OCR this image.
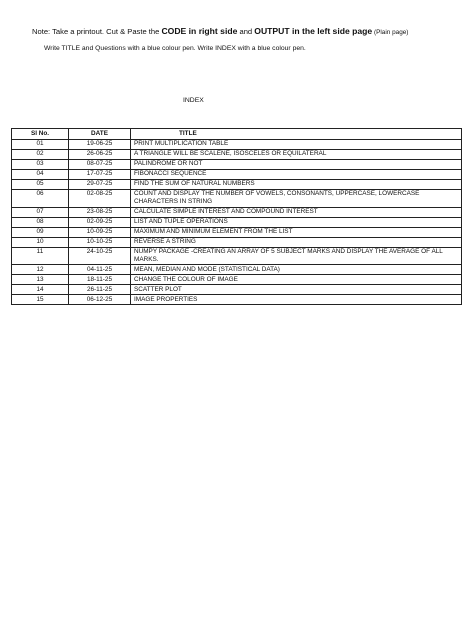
Note: Take a printout. Cut & Paste the CODE in right side and OUTPUT in the left side page (Plain page)
Write TITLE and Questions with a blue colour pen. Write INDEX with a blue colour pen.
INDEX
Sl No.	DATE	TITLE
01	19-06-25	PRINT MULTIPLICATION TABLE
02	26-06-25	A TRIANGLE WILL BE SCALENE, ISOSCELES OR EQUILATERAL
03	08-07-25	PALINDROME OR NOT
04	17-07-25	FIBONACCI SEQUENCE
05	29-07-25	FIND THE SUM OF NATURAL NUMBERS
06	02-08-25	COUNT AND DISPLAY THE NUMBER OF VOWELS, CONSONANTS, UPPERCASE, LOWERCASE CHARACTERS IN STRING
07	23-08-25	CALCULATE SIMPLE INTEREST AND COMPOUND INTEREST
08	02-09-25	LIST AND TUPLE OPERATIONS
09	10-09-25	MAXIMUM AND MINIMUM ELEMENT FROM THE LIST
10	10-10-25	REVERSE A STRING
11	24-10-25	NUMPY PACKAGE -CREATING AN ARRAY OF 5 SUBJECT MARKS AND DISPLAY THE AVERAGE OF ALL MARKS.
12	04-11-25	MEAN, MEDIAN AND MODE (STATISTICAL DATA)
13	18-11-25	CHANGE THE COLOUR OF IMAGE
14	26-11-25	SCATTER PLOT
15	06-12-25	IMAGE PROPERTIES
